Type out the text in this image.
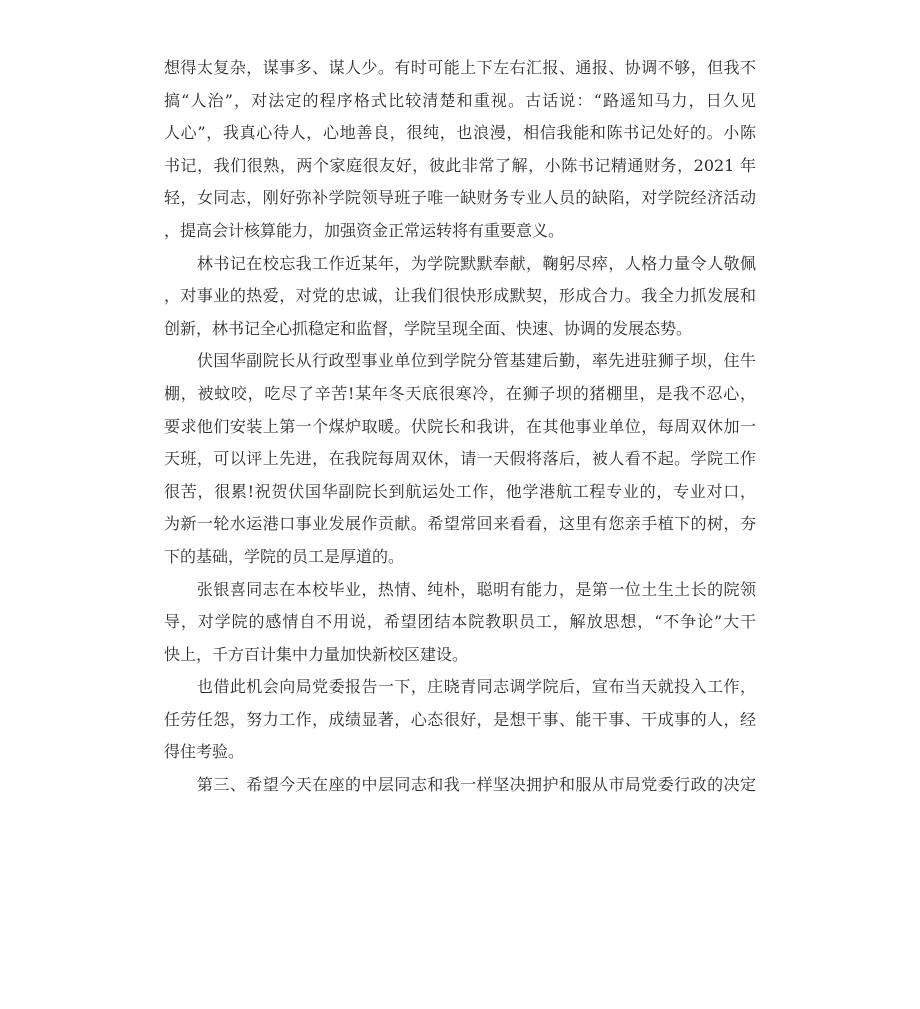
想得太复杂，谋事多、谋人少。有时可能上下左右汇报、通报、协调不够，但我不
搞“人治”，对法定的程序格式比较清楚和重视。古话说：“路遥知马力，日久见
人心”，我真心待人，心地善良，很纯，也浪漫，相信我能和陈书记处好的。小陈
书记，我们很熟，两个家庭很友好，彼此非常了解，小陈书记精通财务，2021 年
轻，女同志，刚好弥补学院领导班子唯一缺财务专业人员的缺陷，对学院经济活动
，提高会计核算能力，加强资金正常运转将有重要意义。
　　林书记在校忘我工作近某年，为学院默默奉献，鞠躬尽瘁，人格力量令人敬佩
，对事业的热爱，对党的忠诚，让我们很快形成默契，形成合力。我全力抓发展和
创新，林书记全心抓稳定和监督，学院呈现全面、快速、协调的发展态势。
　　伏国华副院长从行政型事业单位到学院分管基建后勤，率先进驻狮子坝，住牛
棚，被蚊咬，吃尽了辛苦!某年冬天底很寒冷，在狮子坝的猪棚里，是我不忍心，
要求他们安装上第一个煤炉取暖。伏院长和我讲，在其他事业单位，每周双休加一
天班，可以评上先进，在我院每周双休，请一天假将落后，被人看不起。学院工作
很苦，很累!祝贺伏国华副院长到航运处工作，他学港航工程专业的，专业对口，
为新一轮水运港口事业发展作贡献。希望常回来看看，这里有您亲手植下的树，夯
下的基础，学院的员工是厚道的。
　　张银喜同志在本校毕业，热情、纯朴，聪明有能力，是第一位土生土长的院领
导，对学院的感情自不用说，希望团结本院教职员工，解放思想，“不争论”大干
快上，千方百计集中力量加快新校区建设。
　　也借此机会向局党委报告一下，庄晓青同志调学院后，宣布当天就投入工作，
任劳任怨，努力工作，成绩显著，心态很好，是想干事、能干事、干成事的人，经
得住考验。
　　第三、希望今天在座的中层同志和我一样坚决拥护和服从市局党委行政的决定
